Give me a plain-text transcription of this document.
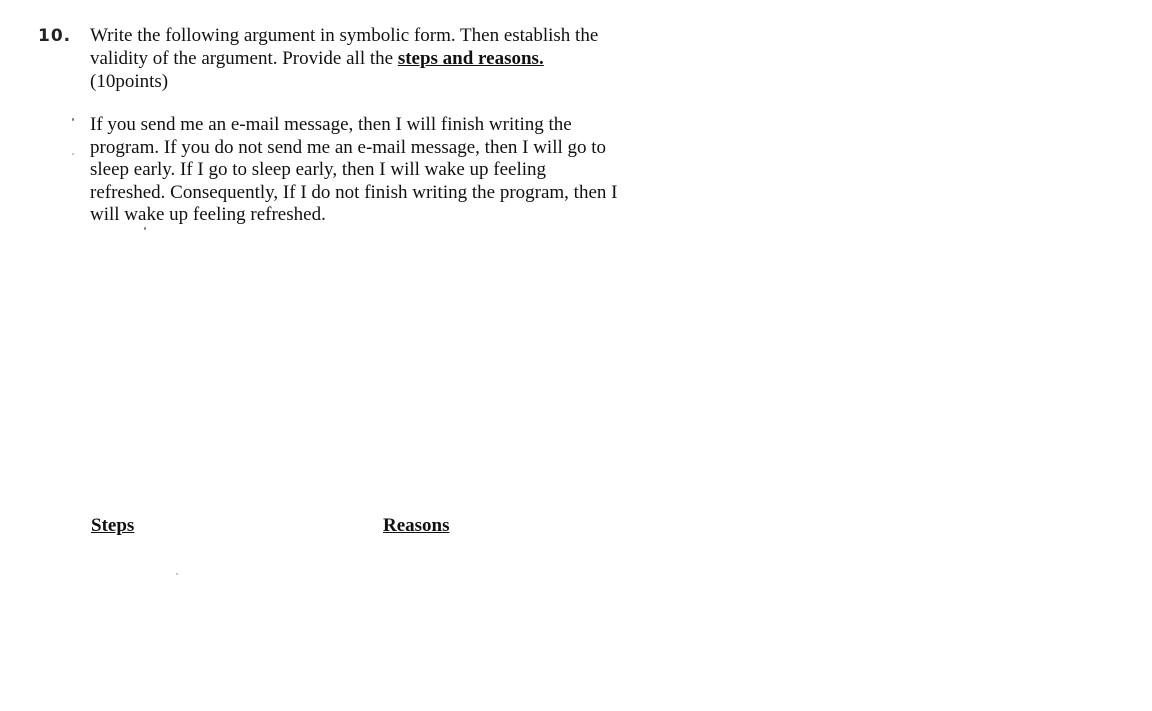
10. Write the following argument in symbolic form. Then establish the
validity of the argument. Provide all the steps and reasons.
(10points)
If you send me an e-mail message, then I will finish writing the
program. If you do not send me an e-mail message, then I will go to
sleep early. If I go to sleep early, then I will wake up feeling
refreshed. Consequently, If I do not finish writing the program, then I
will wake up feeling refreshed.
Steps	Reasons
